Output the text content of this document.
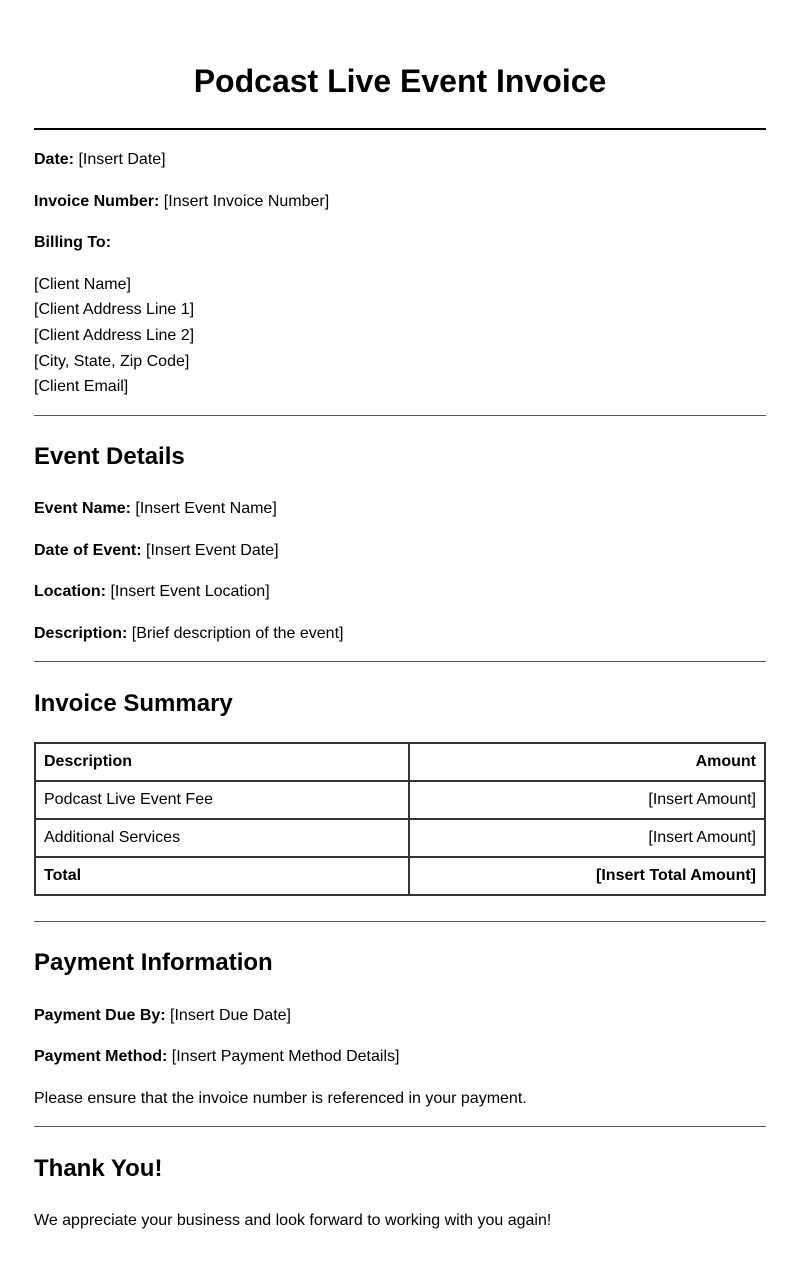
Podcast Live Event Invoice
Date: [Insert Date]
Invoice Number: [Insert Invoice Number]
Billing To:
[Client Name]
[Client Address Line 1]
[Client Address Line 2]
[City, State, Zip Code]
[Client Email]
Event Details
Event Name: [Insert Event Name]
Date of Event: [Insert Event Date]
Location: [Insert Event Location]
Description: [Brief description of the event]
Invoice Summary
Description	Amount
Podcast Live Event Fee	[Insert Amount]
Additional Services	[Insert Amount]
Total	[Insert Total Amount]
Payment Information
Payment Due By: [Insert Due Date]
Payment Method: [Insert Payment Method Details]
Please ensure that the invoice number is referenced in your payment.
Thank You!
We appreciate your business and look forward to working with you again!
